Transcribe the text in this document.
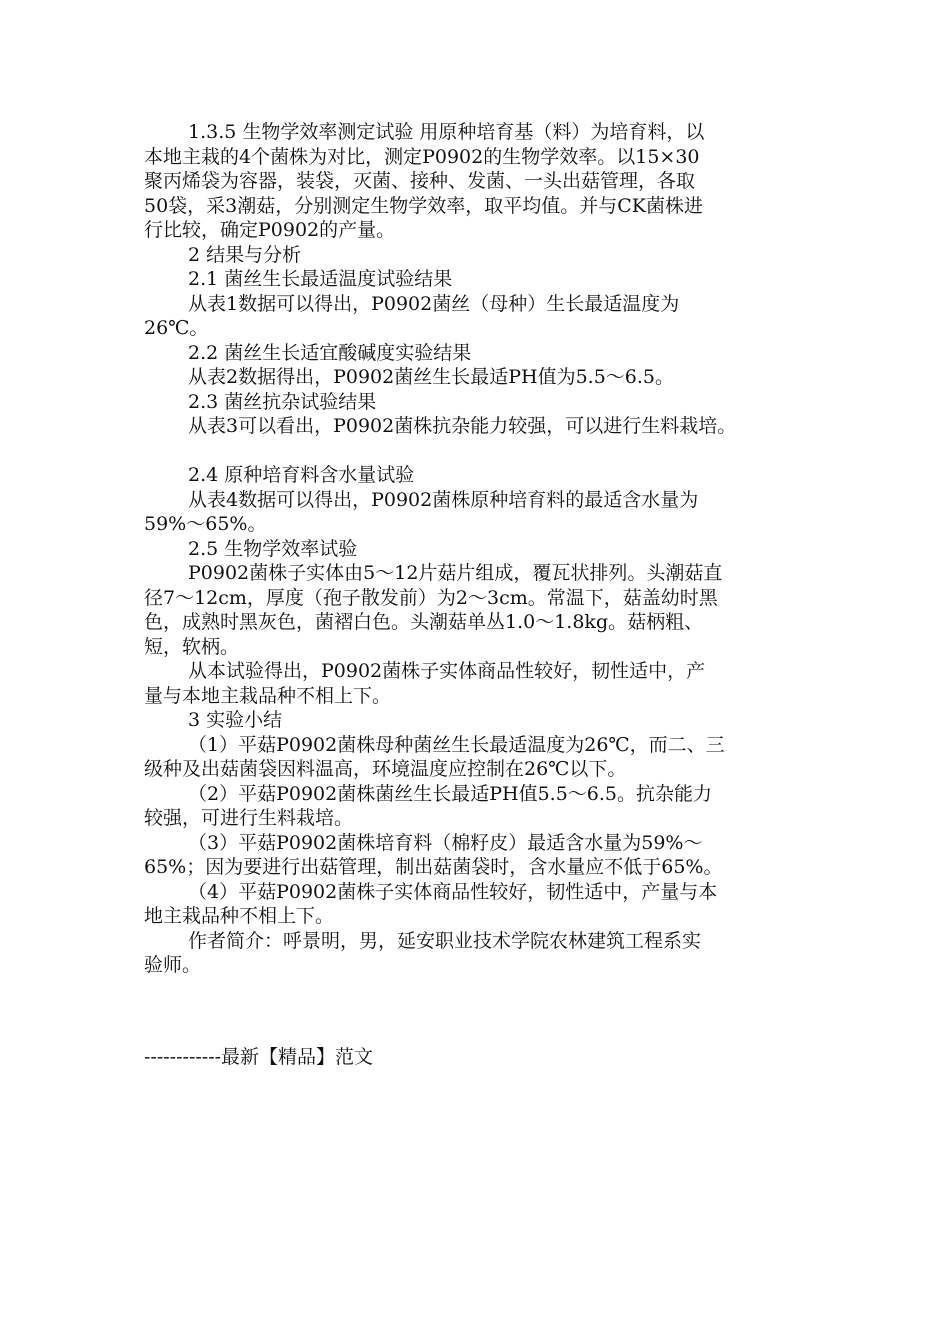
1.3.5 生物学效率测定试验 用原种培育基（料）为培育料，以
本地主栽的4个菌株为对比，测定P0902的生物学效率。以15×30
聚丙烯袋为容器，装袋，灭菌、接种、发菌、一头出菇管理，各取
50袋，采3潮菇，分别测定生物学效率，取平均值。并与CK菌株进
行比较，确定P0902的产量。

2 结果与分析

2.1 菌丝生长最适温度试验结果

从表1数据可以得出，P0902菌丝（母种）生长最适温度为
26℃。

2.2 菌丝生长适宜酸碱度实验结果

从表2数据得出，P0902菌丝生长最适PH值为5.5～6.5。

2.3 菌丝抗杂试验结果

从表3可以看出，P0902菌株抗杂能力较强，可以进行生料栽培。

2.4 原种培育料含水量试验

从表4数据可以得出，P0902菌株原种培育料的最适含水量为
59%～65%。

2.5 生物学效率试验

P0902菌株子实体由5～12片菇片组成，覆瓦状排列。头潮菇直
径7～12cm，厚度（孢子散发前）为2～3cm。常温下，菇盖幼时黑
色，成熟时黑灰色，菌褶白色。头潮菇单丛1.0～1.8kg。菇柄粗、
短，软柄。

从本试验得出，P0902菌株子实体商品性较好，韧性适中，产
量与本地主栽品种不相上下。

3 实验小结

（1）平菇P0902菌株母种菌丝生长最适温度为26℃，而二、三
级种及出菇菌袋因料温高，环境温度应控制在26℃以下。

（2）平菇P0902菌株菌丝生长最适PH值5.5～6.5。抗杂能力
较强，可进行生料栽培。

（3）平菇P0902菌株培育料（棉籽皮）最适含水量为59%～
65%；因为要进行出菇管理，制出菇菌袋时，含水量应不低于65%。

（4）平菇P0902菌株子实体商品性较好，韧性适中，产量与本
地主栽品种不相上下。

作者简介：呼景明，男，延安职业技术学院农林建筑工程系实
验师。

------------最新【精品】范文
